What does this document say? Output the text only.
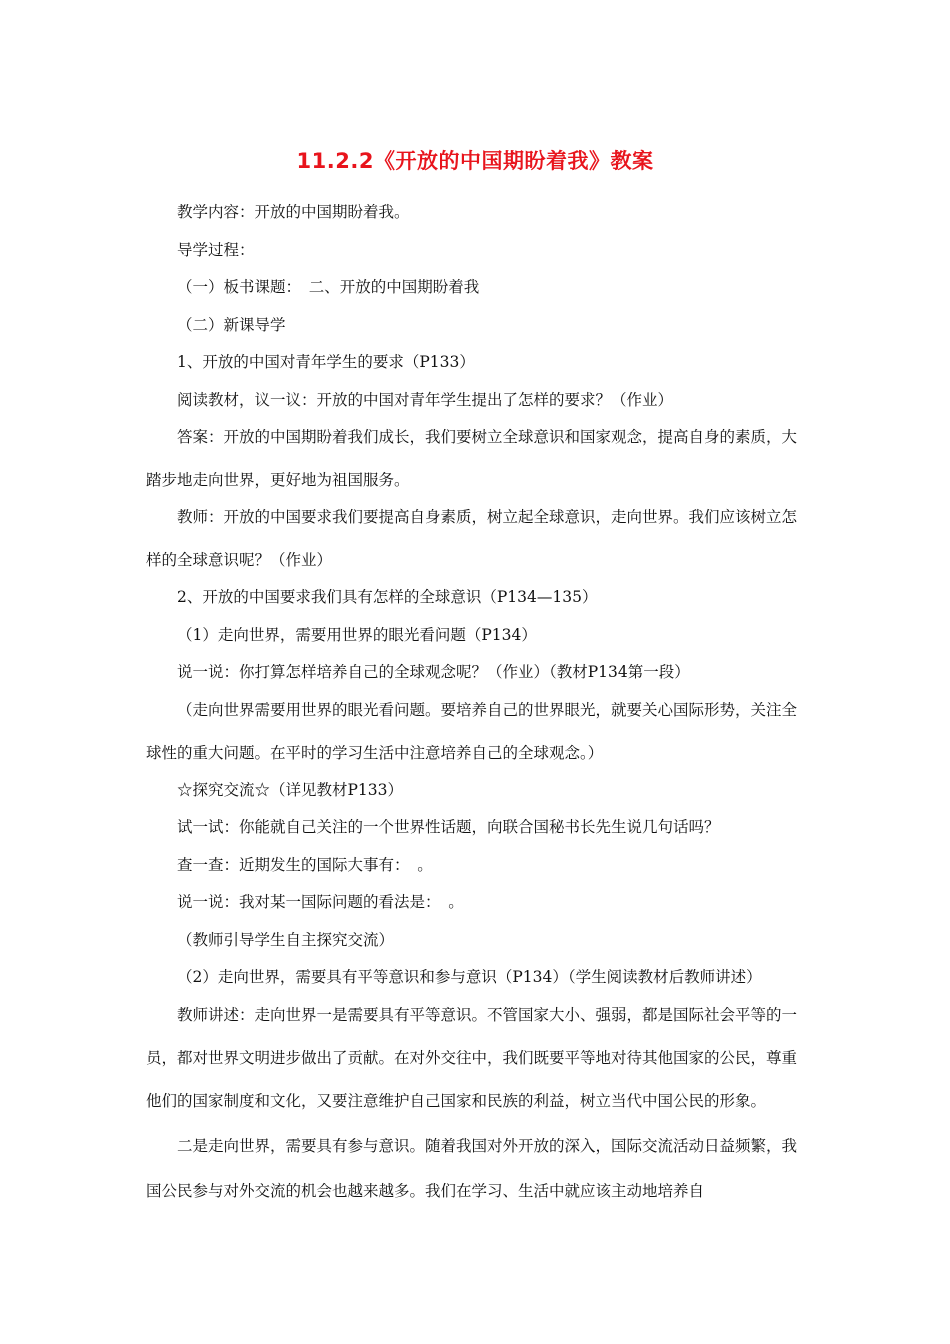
11.2.2《开放的中国期盼着我》教案

教学内容：开放的中国期盼着我。

导学过程：

（一）板书课题：　二、开放的中国期盼着我

（二）新课导学

1、开放的中国对青年学生的要求（P133）

阅读教材，议一议：开放的中国对青年学生提出了怎样的要求？（作业）

答案：开放的中国期盼着我们成长，我们要树立全球意识和国家观念，提高自身的素质，大踏步地走向世界，更好地为祖国服务。

教师：开放的中国要求我们要提高自身素质，树立起全球意识，走向世界。我们应该树立怎样的全球意识呢？（作业）

2、开放的中国要求我们具有怎样的全球意识（P134—135）

（1）走向世界，需要用世界的眼光看问题（P134）

说一说：你打算怎样培养自己的全球观念呢？（作业）（教材P134第一段）

（走向世界需要用世界的眼光看问题。要培养自己的世界眼光，就要关心国际形势，关注全球性的重大问题。在平时的学习生活中注意培养自己的全球观念。）

☆探究交流☆（详见教材P133）

试一试：你能就自己关注的一个世界性话题，向联合国秘书长先生说几句话吗？

查一查：近期发生的国际大事有：　。

说一说：我对某一国际问题的看法是：　。

（教师引导学生自主探究交流）

（2）走向世界，需要具有平等意识和参与意识（P134）（学生阅读教材后教师讲述）

教师讲述：走向世界一是需要具有平等意识。不管国家大小、强弱，都是国际社会平等的一员，都对世界文明进步做出了贡献。在对外交往中，我们既要平等地对待其他国家的公民，尊重他们的国家制度和文化，又要注意维护自己国家和民族的利益，树立当代中国公民的形象。

二是走向世界，需要具有参与意识。随着我国对外开放的深入，国际交流活动日益频繁，我国公民参与对外交流的机会也越来越多。我们在学习、生活中就应该主动地培养自
